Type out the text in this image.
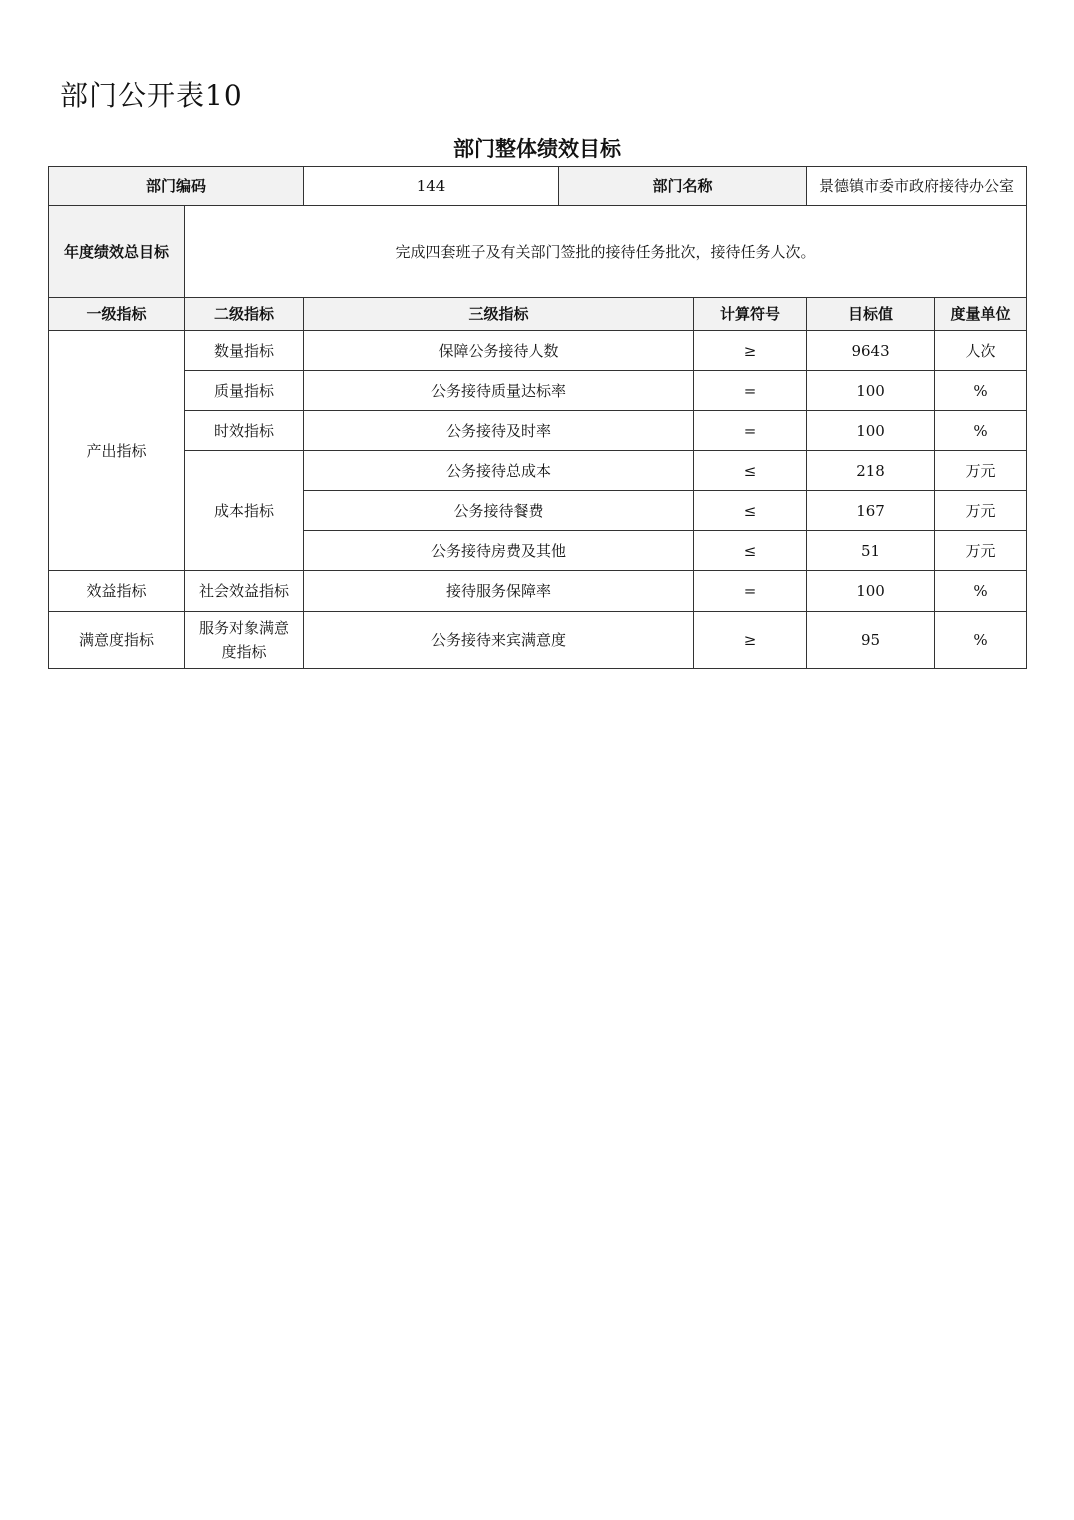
部门公开表10
部门整体绩效目标
部门编码		144	部门名称		景德镇市委市政府接待办公室	
年度绩效总目标	完成四套班子及有关部门签批的接待任务批次，接待任务人次。					
一级指标	二级指标	三级指标		计算符号	目标值	度量单位
产出指标	数量指标	保障公务接待人数		≥	9643	人次
	质量指标	公务接待质量达标率		=	100	%
	时效指标	公务接待及时率		=	100	%
	成本指标	公务接待总成本		≤	218	万元
		公务接待餐费		≤	167	万元
		公务接待房费及其他		≤	51	万元
效益指标	社会效益指标	接待服务保障率		=	100	%
满意度指标	服务对象满意度指标	公务接待来宾满意度		≥	95	%
